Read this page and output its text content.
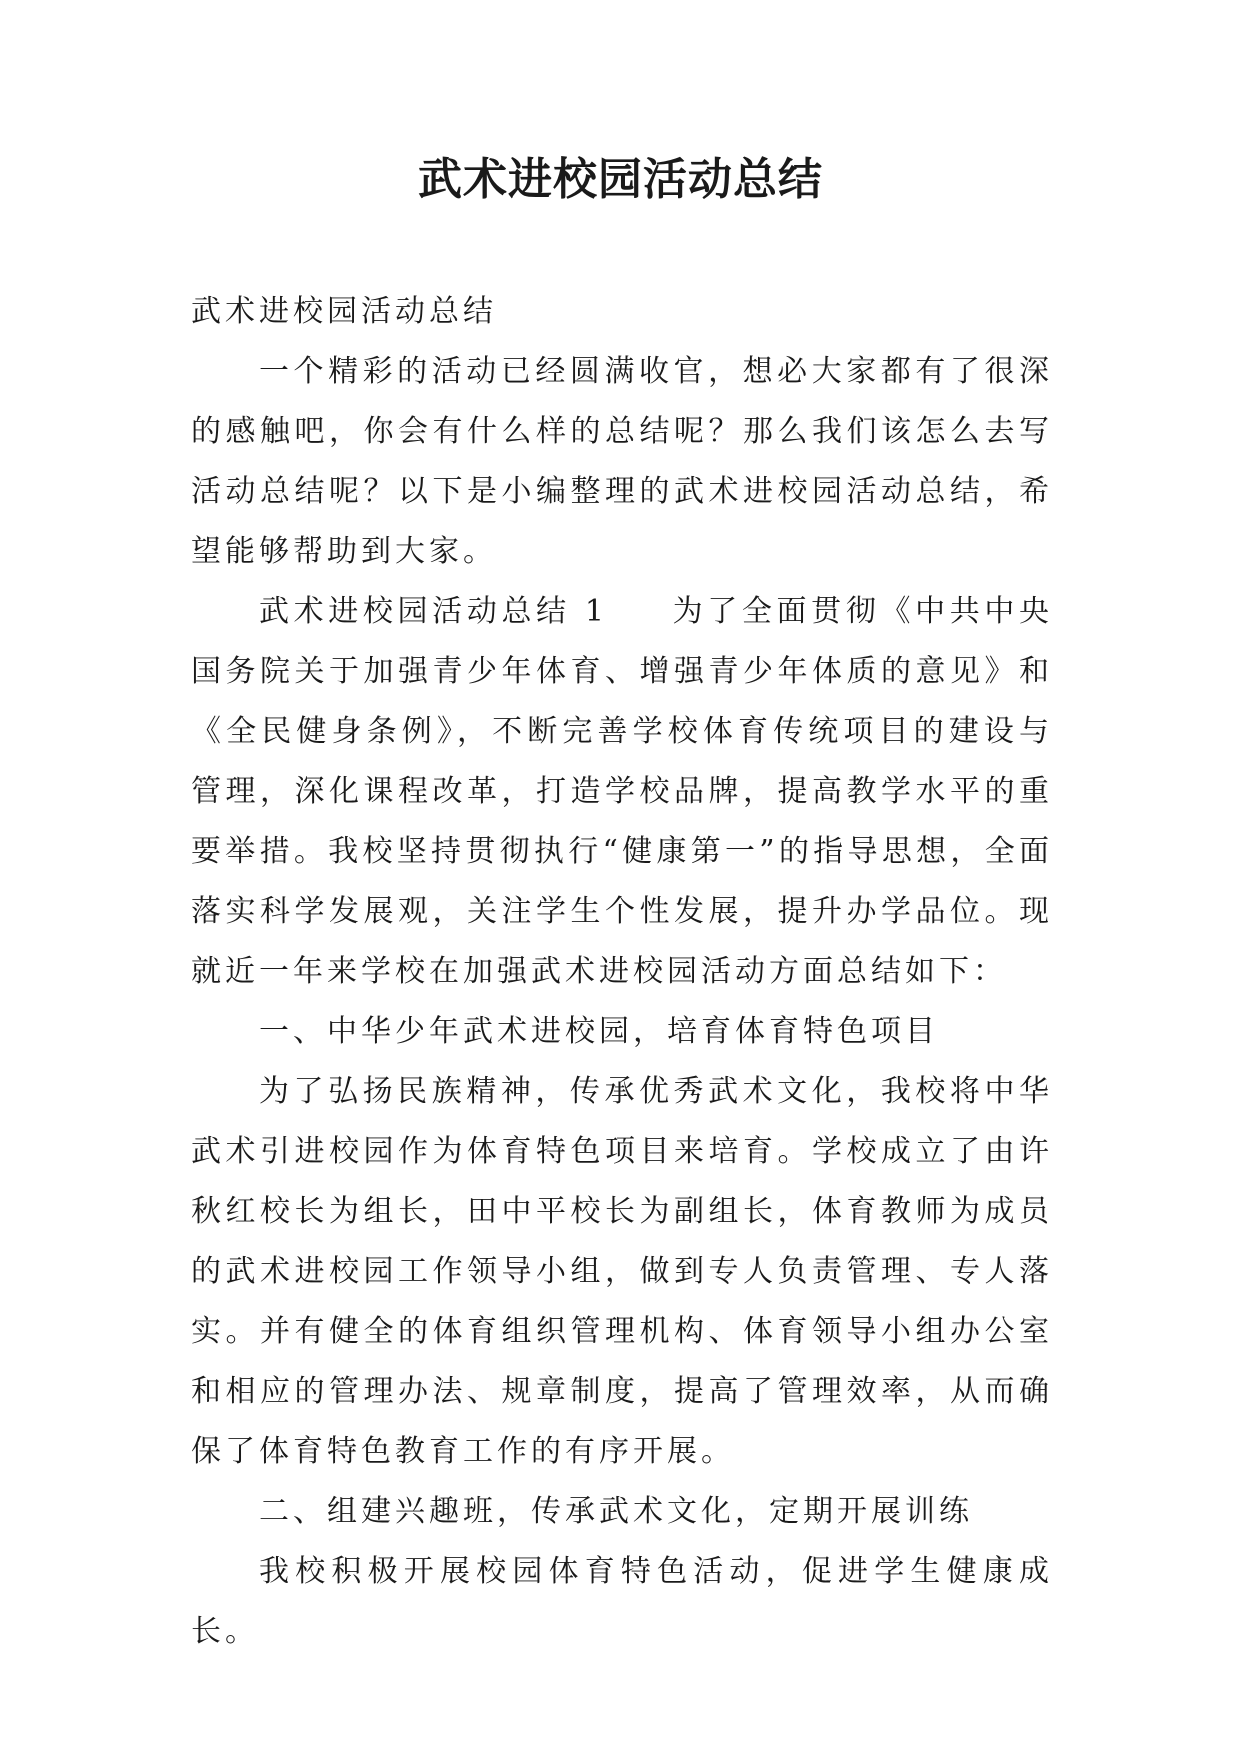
武术进校园活动总结

武术进校园活动总结

一个精彩的活动已经圆满收官，想必大家都有了很深的感触吧，你会有什么样的总结呢？那么我们该怎么去写活动总结呢？以下是小编整理的武术进校园活动总结，希望能够帮助到大家。

武术进校园活动总结 1 为了全面贯彻《中共中央国务院关于加强青少年体育、增强青少年体质的意见》和《全民健身条例》，不断完善学校体育传统项目的建设与管理，深化课程改革，打造学校品牌，提高教学水平的重要举措。我校坚持贯彻执行“健康第一”的指导思想，全面落实科学发展观，关注学生个性发展，提升办学品位。现就近一年来学校在加强武术进校园活动方面总结如下：

一、中华少年武术进校园，培育体育特色项目

为了弘扬民族精神，传承优秀武术文化，我校将中华武术引进校园作为体育特色项目来培育。学校成立了由许秋红校长为组长，田中平校长为副组长，体育教师为成员的武术进校园工作领导小组，做到专人负责管理、专人落实。并有健全的体育组织管理机构、体育领导小组办公室和相应的管理办法、规章制度，提高了管理效率，从而确保了体育特色教育工作的有序开展。

二、组建兴趣班，传承武术文化，定期开展训练

我校积极开展校园体育特色活动，促进学生健康成长。
